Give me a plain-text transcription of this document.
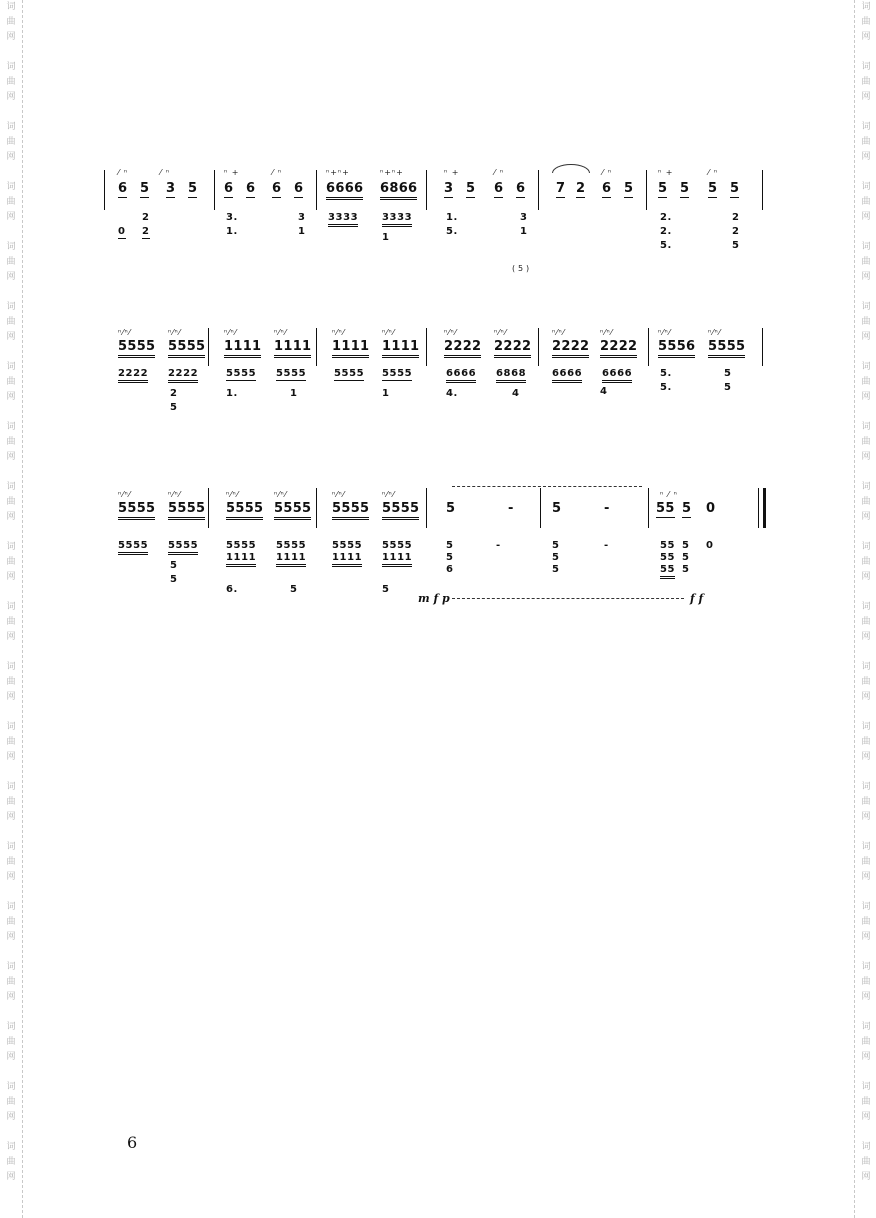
词
曲
网
词
曲
网
词
曲
网
词
曲
网
词
曲
网
词
曲
网
词
曲
网
词
曲
网
词
曲
网
词
曲
网
词
曲
网
词
曲
网
词
曲
网
词
曲
网
词
曲
网
词
曲
网
词
曲
网
词
曲
网
词
曲
网
词
曲
网
词
曲
网
词
曲
网
词
曲
网
词
曲
网
词
曲
网
词
曲
网
词
曲
网
词
曲
网
词
曲
网
词
曲
网
词
曲
网
词
曲
网
词
曲
网
词
曲
网
词
曲
网
词
曲
网
词
曲
网
词
曲
网
词
曲
网
词
曲
网
⁄ ⁿ
6 5
⁄ ⁿ
3 5
ⁿ +
6 6
⁄ ⁿ
6 6
ⁿ+ⁿ+
6666
ⁿ+ⁿ+
6866
ⁿ +
3 5
⁄ ⁿ
6 6 7 2
⁄ ⁿ
6 5
ⁿ +
5 5
⁄ ⁿ
5 5
2
0 2
3.
1.
3
1
3333 3333
1
1.
5.
3
1
( 5 )
2.
2.
5.
2
2
5
ⁿ⁄ⁿ⁄
5555
ⁿ⁄ⁿ⁄
5555
ⁿ⁄ⁿ⁄
1111
ⁿ⁄ⁿ⁄
1111
ⁿ⁄ⁿ⁄
1111
ⁿ⁄ⁿ⁄
1111
ⁿ⁄ⁿ⁄
2222
ⁿ⁄ⁿ⁄
2222
ⁿ⁄ⁿ⁄
2222
ⁿ⁄ⁿ⁄
2222
ⁿ⁄ⁿ⁄
5556
ⁿ⁄ⁿ⁄
5555
2222 2222
2
5
5555
1.
5555
1
5555 5555
1
6666
4.
6868
4
6666 6666
4
5.
5.
5
5
ⁿ⁄ⁿ⁄
5555
ⁿ⁄ⁿ⁄
5555
ⁿ⁄ⁿ⁄
5555
ⁿ⁄ⁿ⁄
5555
ⁿ⁄ⁿ⁄
5555
ⁿ⁄ⁿ⁄
5555 5	-	5	-
ⁿ ⁄ ⁿ
55 5 0
5555 5555
5
5
5555
1111
6.
5555
1111
5
5555
1111
5555
1111
5
5
5
6
-	5
5
5
-	55
55
55
5
5
5
0
m f p	f f
6
